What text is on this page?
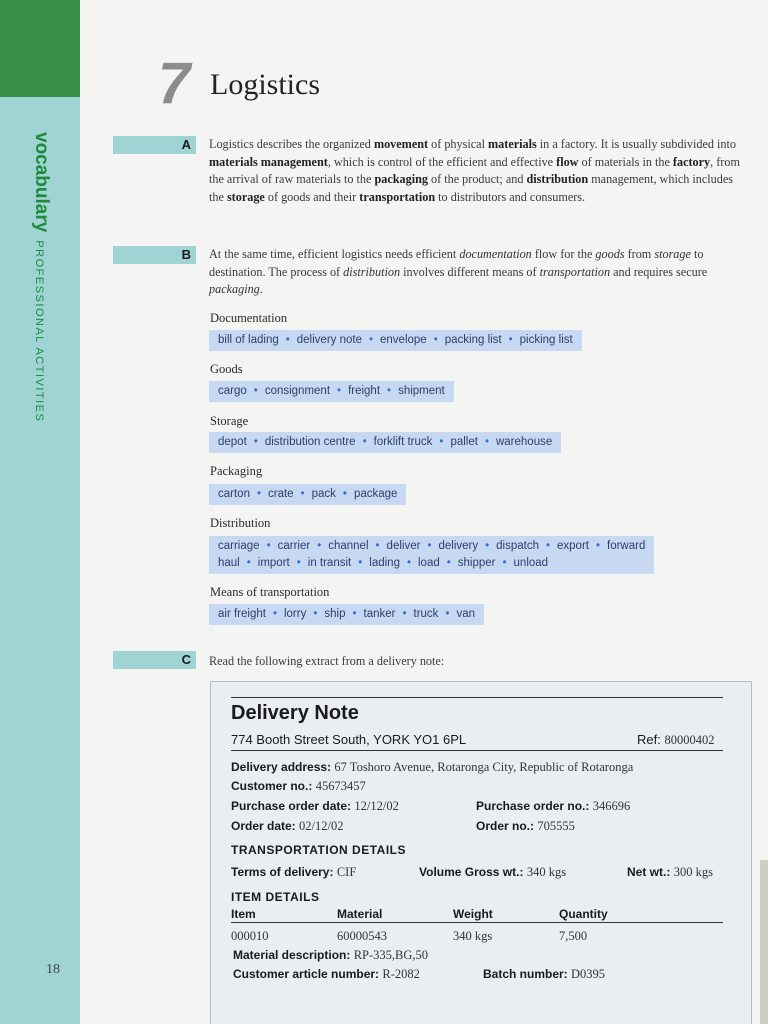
vocabulary
PROFESSIONAL ACTIVITIES
18
7 Logistics
A Logistics describes the organized movement of physical materials in a factory. It is usually subdivided into materials management, which is control of the efficient and effective flow of materials in the factory, from the arrival of raw materials to the packaging of the product; and distribution management, which includes the storage of goods and their transportation to distributors and consumers.
B At the same time, efficient logistics needs efficient documentation flow for the goods from storage to destination. The process of distribution involves different means of transportation and requires secure packaging.
Documentation
bill of lading • delivery note • envelope • packing list • picking list
Goods
cargo • consignment • freight • shipment
Storage
depot • distribution centre • forklift truck • pallet • warehouse
Packaging
carton • crate • pack • package
Distribution
carriage • carrier • channel • deliver • delivery • dispatch • export • forward
haul • import • in transit • lading • load • shipper • unload
Means of transportation
air freight • lorry • ship • tanker • truck • van
C Read the following extract from a delivery note:
Delivery Note
774 Booth Street South, YORK YO1 6PL	Ref: 80000402
Delivery address: 67 Toshoro Avenue, Rotaronga City, Republic of Rotaronga
Customer no.: 45673457
Purchase order date: 12/12/02	Purchase order no.: 346696
Order date: 02/12/02	Order no.: 705555
TRANSPORTATION DETAILS
Terms of delivery: CIF	Volume Gross wt.: 340 kgs	Net wt.: 300 kgs
ITEM DETAILS
Item	Material	Weight	Quantity
000010	60000543	340 kgs	7,500
Material description: RP-335,BG,50
Customer article number: R-2082	Batch number: D0395
